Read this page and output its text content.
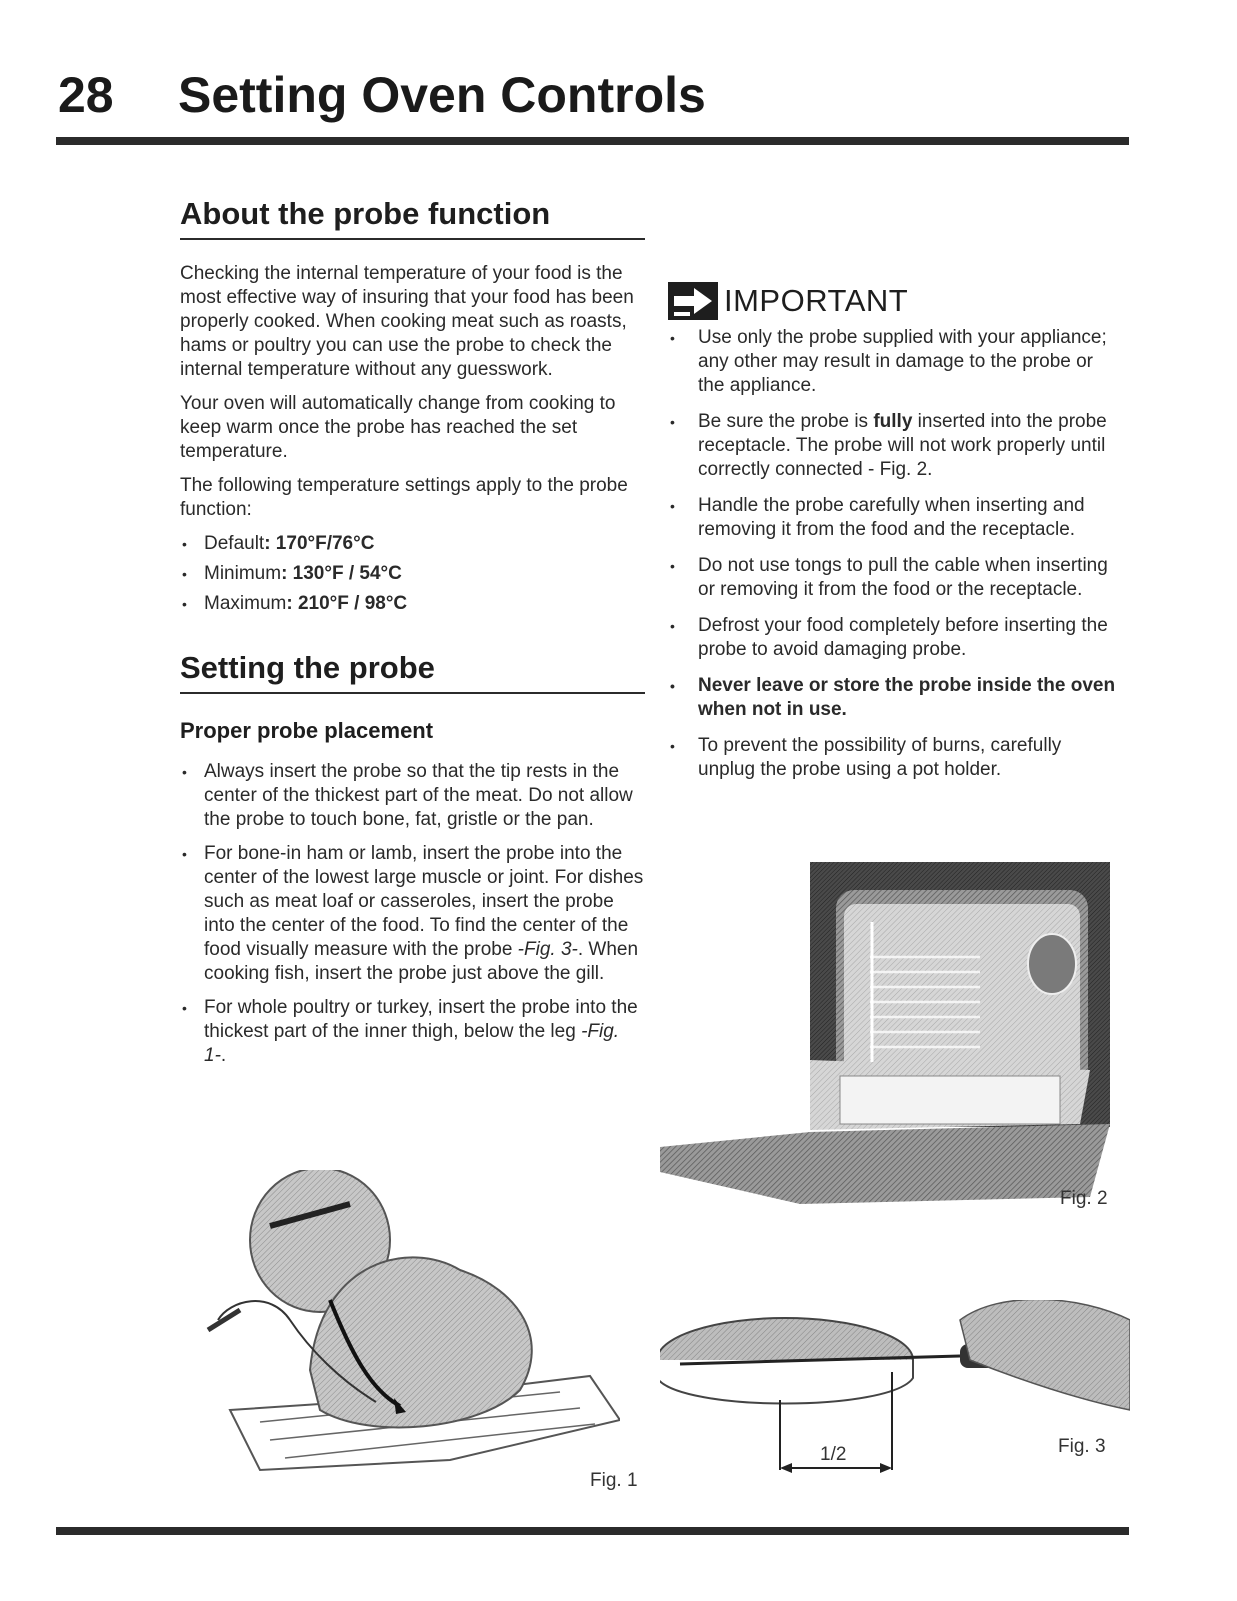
28 Setting Oven Controls
About the probe function

Checking the internal temperature of your food is the most effective way of insuring that your food has been properly cooked. When cooking meat such as roasts, hams or poultry you can use the probe to check the internal temperature without any guesswork.

Your oven will automatically change from cooking to keep warm once the probe has reached the set temperature.

The following temperature settings apply to the probe function:

• Default: 170°F/76°C
• Minimum: 130°F / 54°C
• Maximum: 210°F / 98°C
Setting the probe
Proper probe placement
• Always insert the probe so that the tip rests in the center of the thickest part of the meat. Do not allow the probe to touch bone, fat, gristle or the pan.
• For bone-in ham or lamb, insert the probe into the center of the lowest large muscle or joint. For dishes such as meat loaf or casseroles, insert the probe into the center of the food. To find the center of the food visually measure with the probe -Fig. 3-. When cooking fish, insert the probe just above the gill.
• For whole poultry or turkey, insert the probe into the thickest part of the inner thigh, below the leg -Fig. 1-.
IMPORTANT
• Use only the probe supplied with your appliance; any other may result in damage to the probe or the appliance.
• Be sure the probe is fully inserted into the probe receptacle. The probe will not work properly until correctly connected - Fig. 2.
• Handle the probe carefully when inserting and removing it from the food and the receptacle.
• Do not use tongs to pull the cable when inserting or removing it from the food or the receptacle.
• Defrost your food completely before inserting the probe to avoid damaging probe.
• Never leave or store the probe inside the oven when not in use.
• To prevent the possibility of burns, carefully unplug the probe using a pot holder.
Fig. 2
Fig. 1
1/2	Fig. 3
